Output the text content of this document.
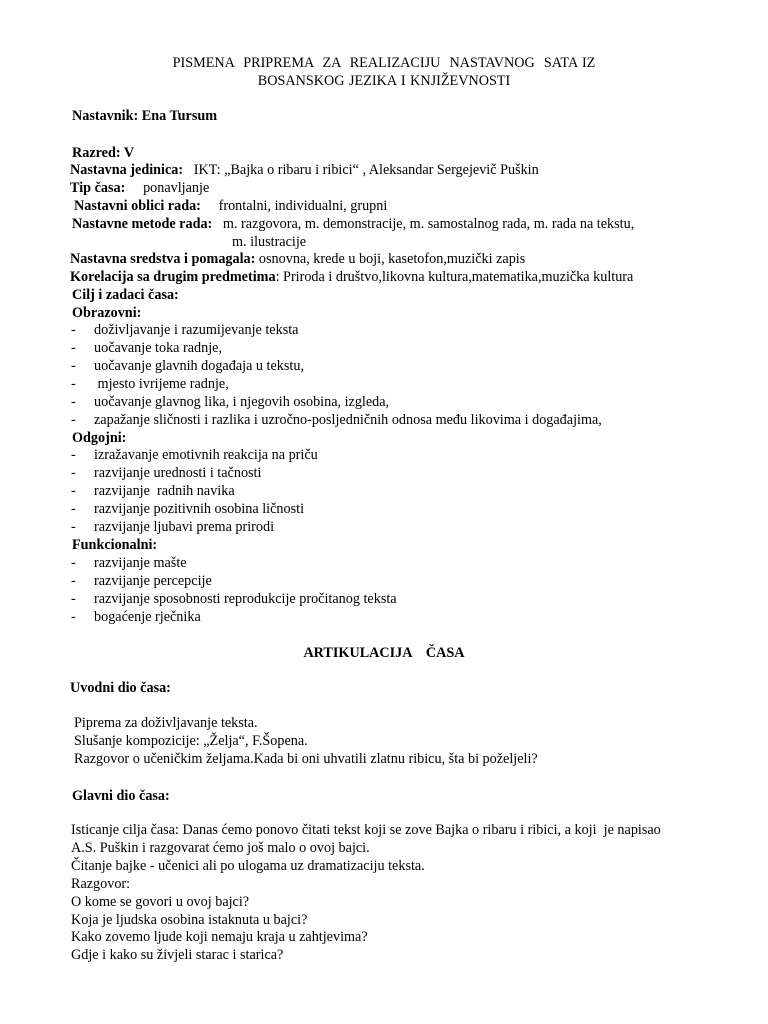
PISMENA  PRIPREMA  ZA  REALIZACIJU  NASTAVNOG  SATA IZ
BOSANSKOG JEZIKA I KNJIŽEVNOSTI
Nastavnik: Ena Tursum
Razred: V
Nastavna jedinica:   IKT: „Bajka o ribaru i ribici“ , Aleksandar Sergejevič Puškin
Tip časa:     ponavljanje
Nastavni oblici rada:     frontalni, individualni, grupni
Nastavne metode rada:   m. razgovora, m. demonstracije, m. samostalnog rada, m. rada na tekstu,
m. ilustracije
Nastavna sredstva i pomagala: osnovna, krede u boji, kasetofon,muzički zapis
Korelacija sa drugim predmetima: Priroda i društvo,likovna kultura,matematika,muzička kultura
Cilj i zadaci časa:
Obrazovni:
- doživljavanje i razumijevanje teksta
- uočavanje toka radnje,
- uočavanje glavnih događaja u tekstu,
- mjesto ivrijeme radnje,
- uočavanje glavnog lika, i njegovih osobina, izgleda,
- zapažanje sličnosti i razlika i uzročno-posljedničnih odnosa među likovima i događajima,
Odgojni:
- izražavanje emotivnih reakcija na priču
- razvijanje urednosti i tačnosti
- razvijanje  radnih navika
- razvijanje pozitivnih osobina ličnosti
- razvijanje ljubavi prema prirodi
Funkcionalni:
- razvijanje mašte
- razvijanje percepcije
- razvijanje sposobnosti reprodukcije pročitanog teksta
- bogaćenje rječnika
ARTIKULACIJA    ČASA
Uvodni dio časa:
Piprema za doživljavanje teksta.
Slušanje kompozicije: „Želja“, F.Šopena.
Razgovor o učeničkim željama.Kada bi oni uhvatili zlatnu ribicu, šta bi poželjeli?
Glavni dio časa:
Isticanje cilja časa: Danas ćemo ponovo čitati tekst koji se zove Bajka o ribaru i ribici, a koji  je napisao
A.S. Puškin i razgovarat ćemo još malo o ovoj bajci.
Čitanje bajke - učenici ali po ulogama uz dramatizaciju teksta.
Razgovor:
O kome se govori u ovoj bajci?
Koja je ljudska osobina istaknuta u bajci?
Kako zovemo ljude koji nemaju kraja u zahtjevima?
Gdje i kako su živjeli starac i starica?
